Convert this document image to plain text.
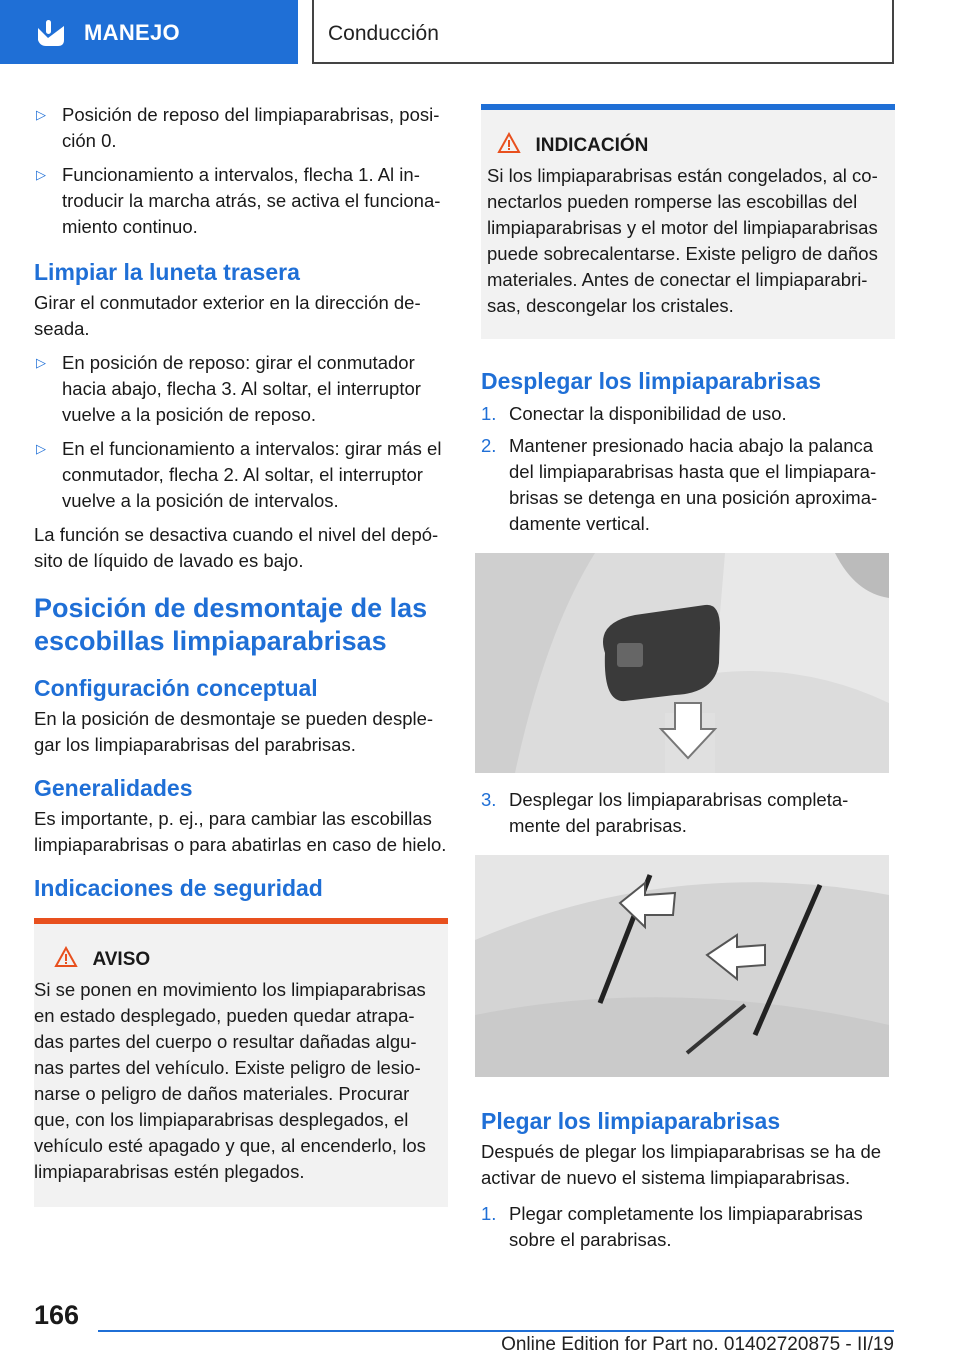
MANEJO	Conducción
▷ Posición de reposo del limpiaparabrisas, posi-ción 0.
▷ Funcionamiento a intervalos, flecha 1. Al in-troducir la marcha atrás, se activa el funciona-miento continuo.
Limpiar la luneta trasera

Girar el conmutador exterior en la dirección de-seada.

▷ En posición de reposo: girar el conmutador hacia abajo, flecha 3. Al soltar, el interruptor vuelve a la posición de reposo.
▷ En el funcionamiento a intervalos: girar más el conmutador, flecha 2. Al soltar, el interruptor vuelve a la posición de intervalos.

La función se desactiva cuando el nivel del depó-sito de líquido de lavado es bajo.

Posición de desmontaje de las escobillas limpiaparabrisas
Configuración conceptual

En la posición de desmontaje se pueden desple-gar los limpiaparabrisas del parabrisas.

Generalidades

Es importante, p. ej., para cambiar las escobillas limpiaparabrisas o para abatirlas en caso de hielo.

Indicaciones de seguridad
AVISO

Si se ponen en movimiento los limpiaparabrisas en estado desplegado, pueden quedar atrapa-das partes del cuerpo o resultar dañadas algu-nas partes del vehículo. Existe peligro de lesio-narse o peligro de daños materiales. Procurar que, con los limpiaparabrisas desplegados, el vehículo esté apagado y que, al encenderlo, los limpiaparabrisas estén plegados.

INDICACIÓN

Si los limpiaparabrisas están congelados, al co-nectarlos pueden romperse las escobillas del limpiaparabrisas y el motor del limpiaparabrisas puede sobrecalentarse. Existe peligro de daños materiales. Antes de conectar el limpiaparabri-sas, descongelar los cristales.

Desplegar los limpiaparabrisas
1. Conectar la disponibilidad de uso.
2. Mantener presionado hacia abajo la palanca del limpiaparabrisas hasta que el limpiapara-brisas se detenga en una posición aproxima-damente vertical.
3. Desplegar los limpiaparabrisas completa-mente del parabrisas.
Plegar los limpiaparabrisas

Después de plegar los limpiaparabrisas se ha de activar de nuevo el sistema limpiaparabrisas.

1. Plegar completamente los limpiaparabrisas sobre el parabrisas.
166
Online Edition for Part no. 01402720875 - II/19
